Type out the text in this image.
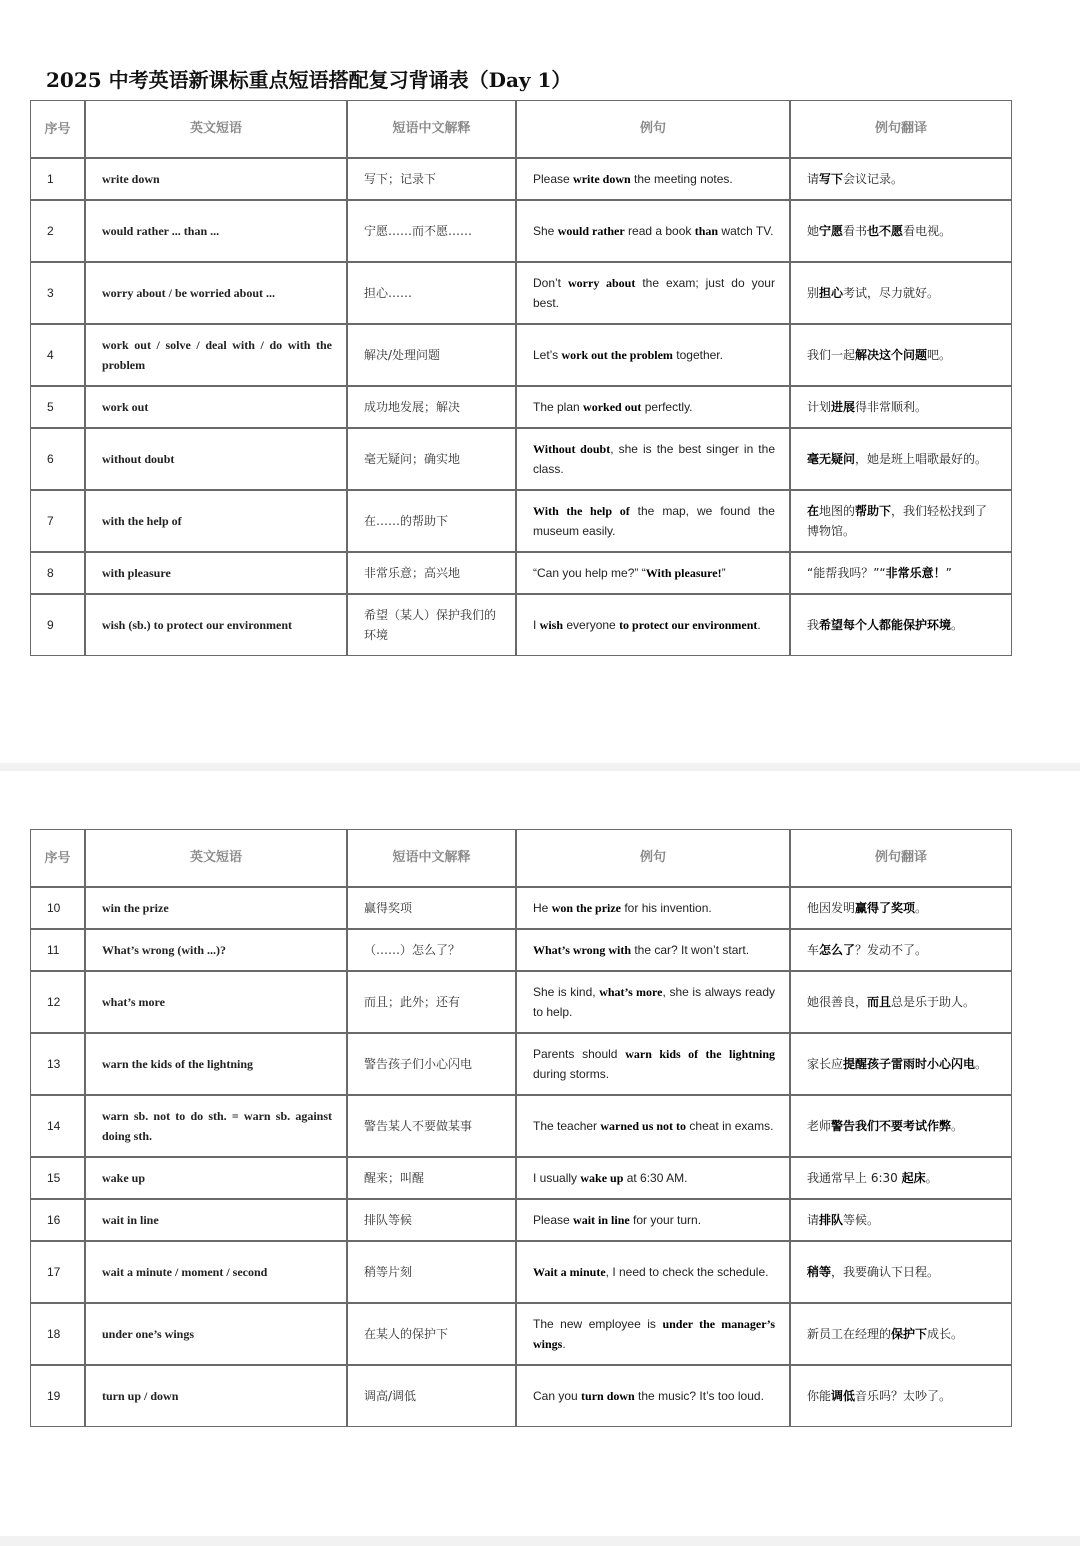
2025 中考英语新课标重点短语搭配复习背诵表（Day 1）
序号	英文短语	短语中文解释	例句	例句翻译
1	write down	写下；记录下	Please write down the meeting notes.	请写下会议记录。
2	would rather ... than ...	宁愿……而不愿……	She would rather read a book than watch TV.	她宁愿看书也不愿看电视。
3	worry about / be worried about ...	担心……	Don’t worry about the exam; just do your best.	别担心考试，尽力就好。
4	work out / solve / deal with / do with the problem	解决/处理问题	Let’s work out the problem together.	我们一起解决这个问题吧。
5	work out	成功地发展；解决	The plan worked out perfectly.	计划进展得非常顺利。
6	without doubt	毫无疑问；确实地	Without doubt, she is the best singer in the class.	毫无疑问，她是班上唱歌最好的。
7	with the help of	在……的帮助下	With the help of the map, we found the museum easily.	在地图的帮助下，我们轻松找到了博物馆。
8	with pleasure	非常乐意；高兴地	“Can you help me?” “With pleasure!”	“能帮我吗？”“非常乐意！”
9	wish (sb.) to protect our environment	希望（某人）保护我们的环境	I wish everyone to protect our environment.	我希望每个人都能保护环境。
序号	英文短语	短语中文解释	例句	例句翻译
10	win the prize	赢得奖项	He won the prize for his invention.	他因发明赢得了奖项。
11	What’s wrong (with ...)?	（……）怎么了？	What’s wrong with the car? It won’t start.	车怎么了？发动不了。
12	what’s more	而且；此外；还有	She is kind, what’s more, she is always ready to help.	她很善良，而且总是乐于助人。
13	warn the kids of the lightning	警告孩子们小心闪电	Parents should warn kids of the lightning during storms.	家长应提醒孩子雷雨时小心闪电。
14	warn sb. not to do sth. = warn sb. against doing sth.	警告某人不要做某事	The teacher warned us not to cheat in exams.	老师警告我们不要考试作弊。
15	wake up	醒来；叫醒	I usually wake up at 6:30 AM.	我通常早上 6:30 起床。
16	wait in line	排队等候	Please wait in line for your turn.	请排队等候。
17	wait a minute / moment / second	稍等片刻	Wait a minute, I need to check the schedule.	稍等，我要确认下日程。
18	under one’s wings	在某人的保护下	The new employee is under the manager’s wings.	新员工在经理的保护下成长。
19	turn up / down	调高/调低	Can you turn down the music? It’s too loud.	你能调低音乐吗？太吵了。
